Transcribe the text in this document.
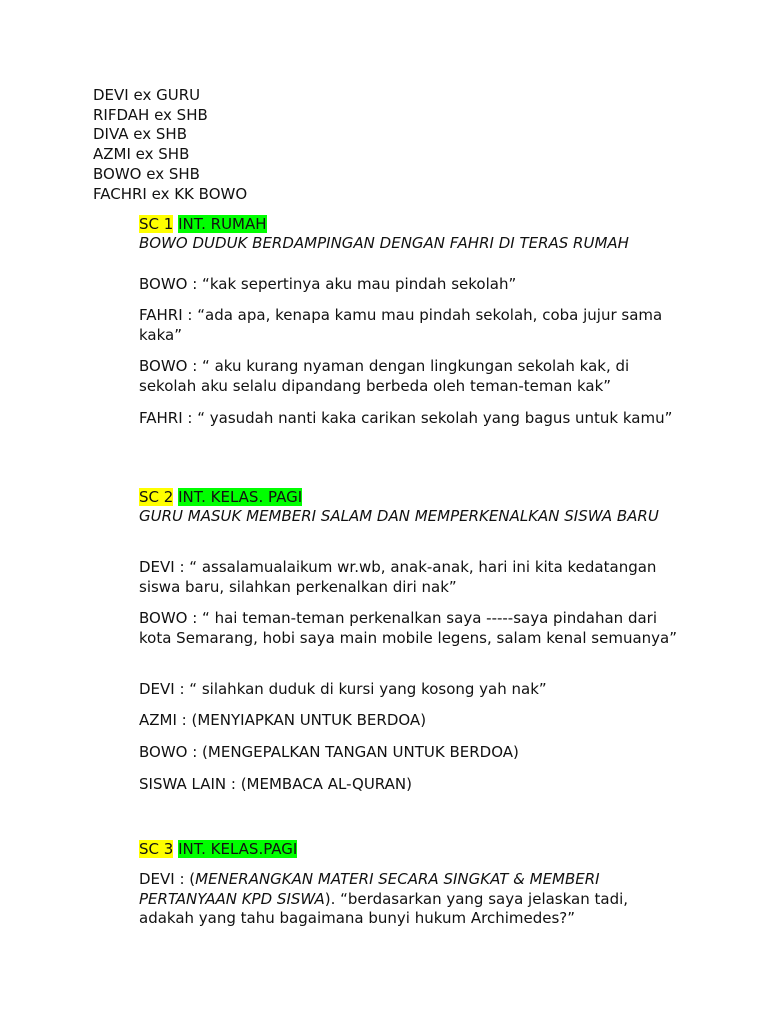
DEVI ex GURU
RIFDAH ex SHB
DIVA ex SHB
AZMI ex SHB
BOWO ex SHB
FACHRI ex KK BOWO
SC 1 INT. RUMAH
BOWO DUDUK BERDAMPINGAN DENGAN FAHRI DI TERAS RUMAH

BOWO : “kak sepertinya aku mau pindah sekolah”

FAHRI : “ada apa, kenapa kamu mau pindah sekolah, coba jujur sama kaka”

BOWO : “ aku kurang nyaman dengan lingkungan sekolah kak, di sekolah aku selalu dipandang berbeda oleh teman-teman kak”

FAHRI : “ yasudah nanti kaka carikan sekolah yang bagus untuk kamu”

SC 2 INT. KELAS. PAGI
GURU MASUK MEMBERI SALAM DAN MEMPERKENALKAN SISWA BARU

DEVI : “ assalamualaikum wr.wb, anak-anak, hari ini kita kedatangan siswa baru, silahkan perkenalkan diri nak”

BOWO : “ hai teman-teman perkenalkan saya -----saya pindahan dari kota Semarang, hobi saya main mobile legens, salam kenal semuanya”

DEVI : “ silahkan duduk di kursi yang kosong yah nak”

AZMI : (MENYIAPKAN UNTUK BERDOA)

BOWO : (MENGEPALKAN TANGAN UNTUK BERDOA)

SISWA LAIN : (MEMBACA AL-QURAN)

SC 3 INT. KELAS.PAGI

DEVI : (MENERANGKAN MATERI SECARA SINGKAT & MEMBERI PERTANYAAN KPD SISWA). “berdasarkan yang saya jelaskan tadi, adakah yang tahu bagaimana bunyi hukum Archimedes?”
